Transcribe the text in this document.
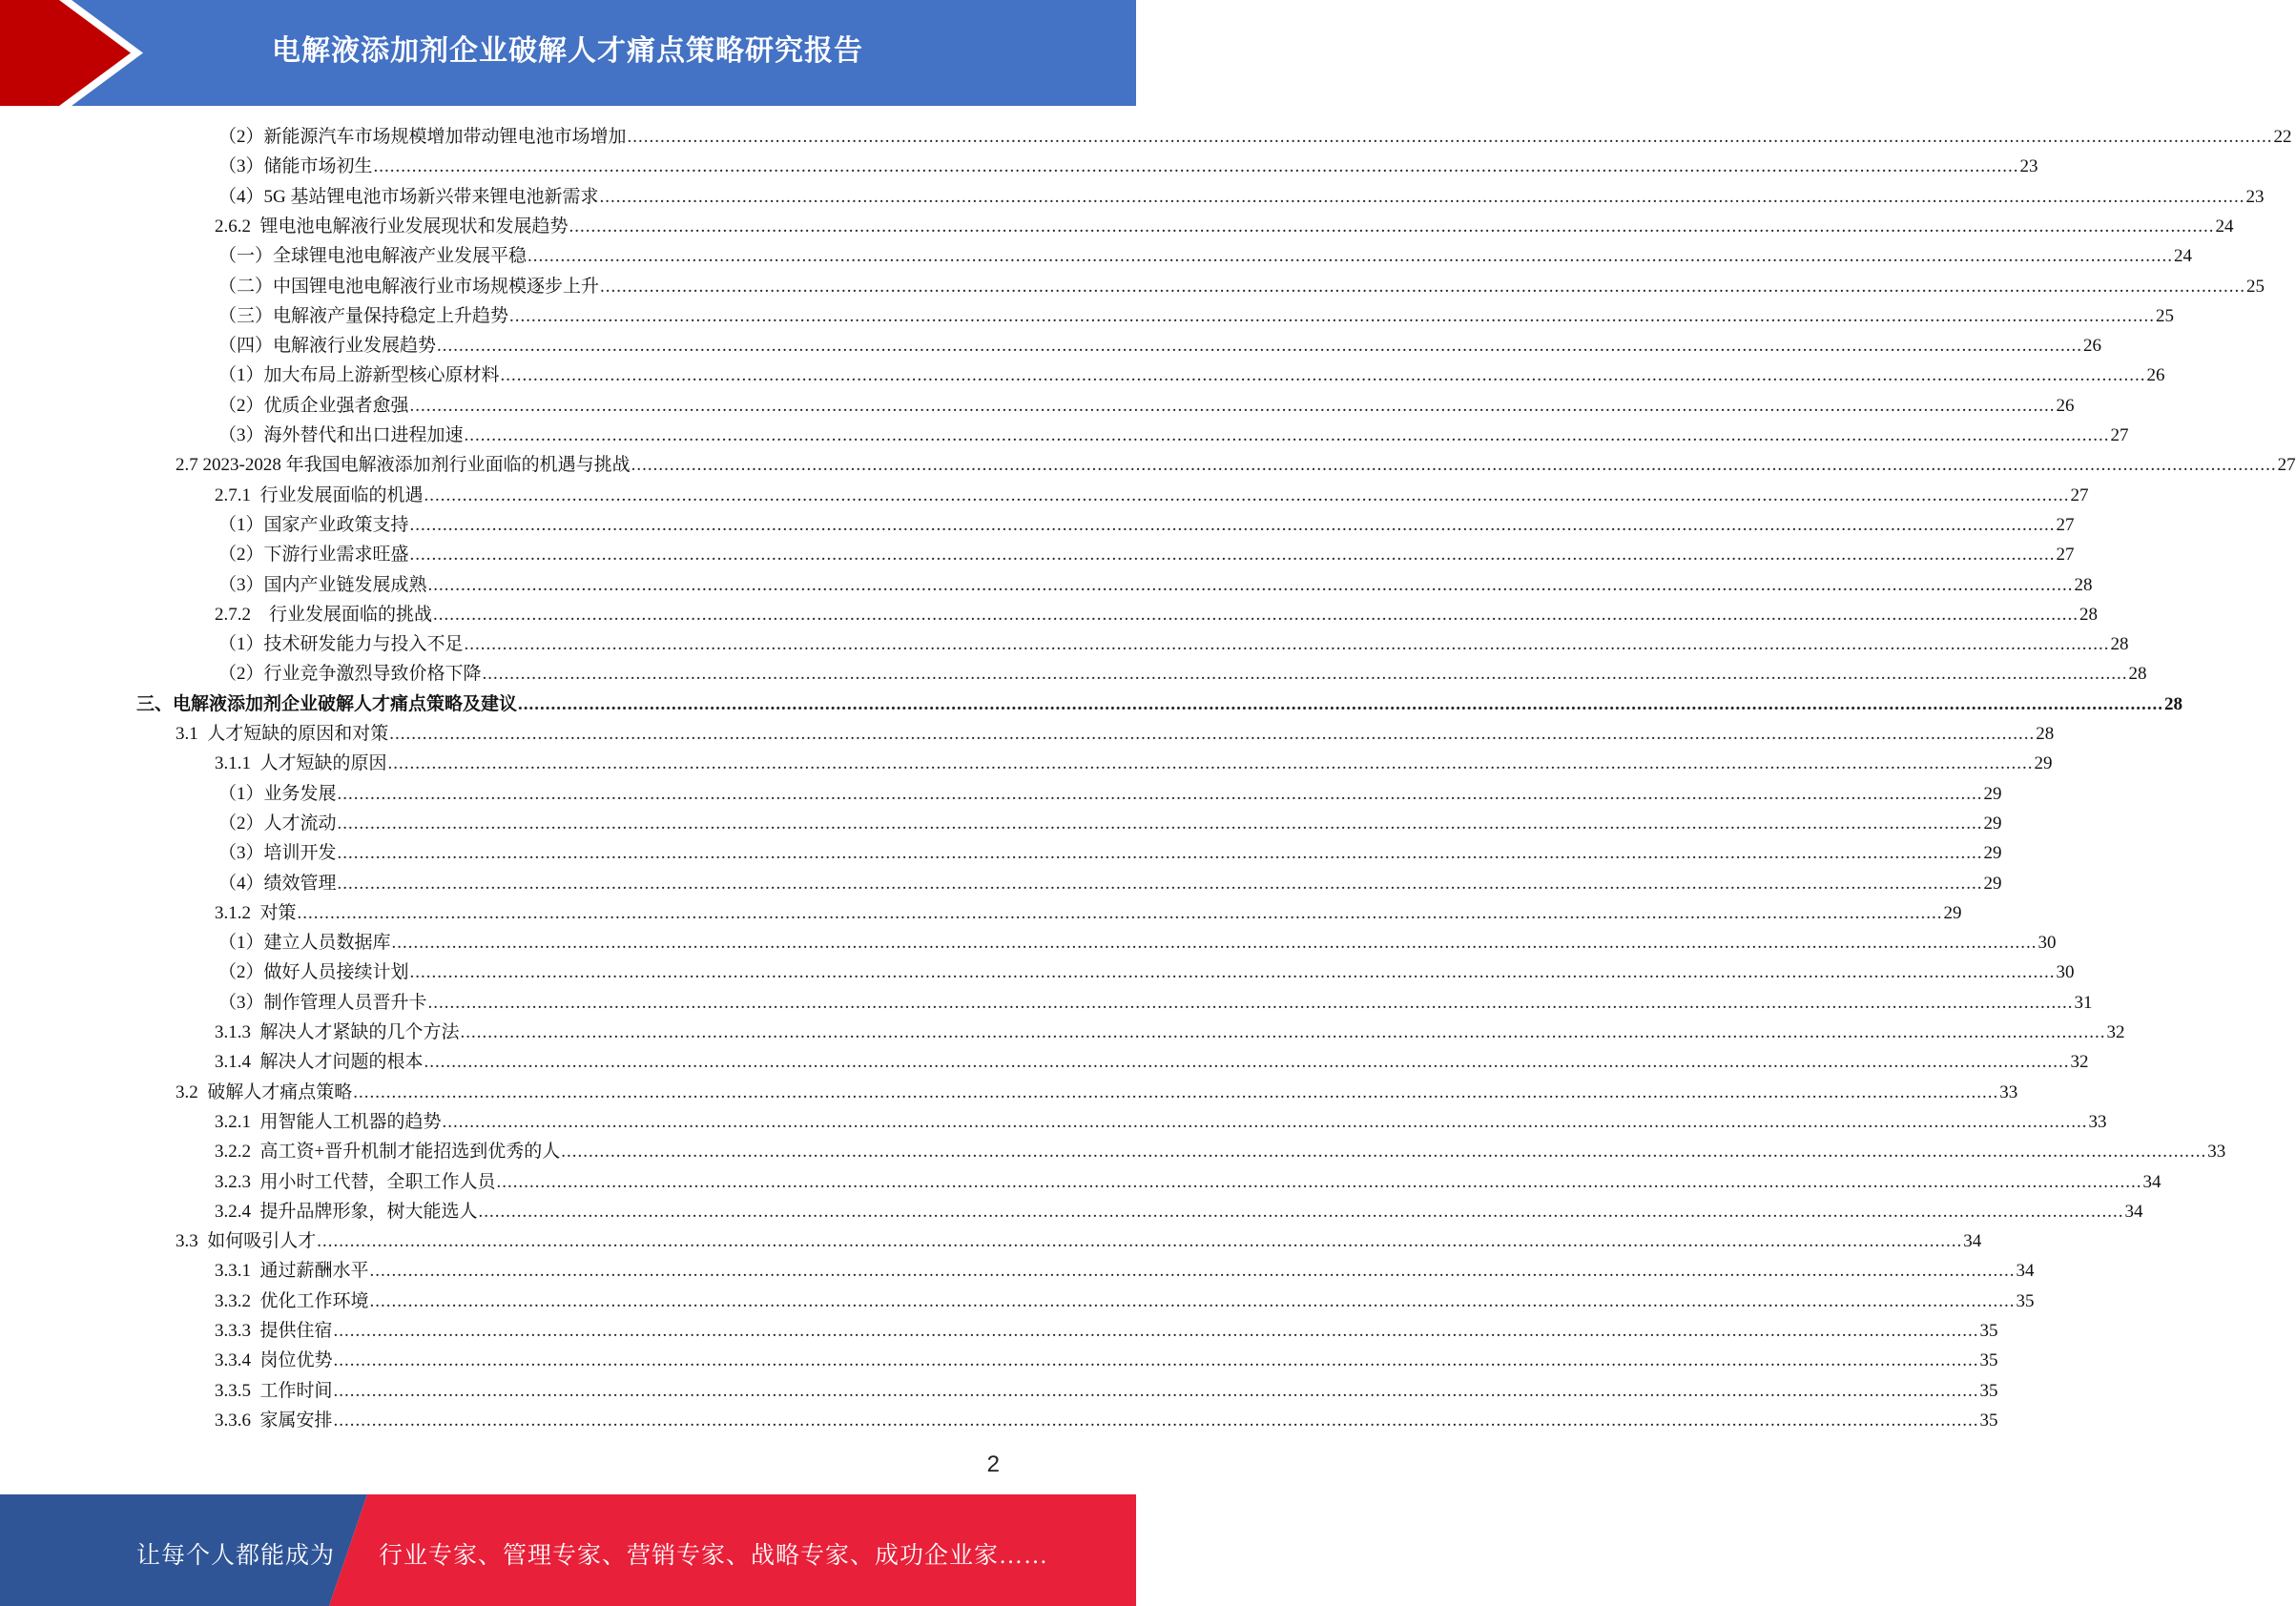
电解液添加剂企业破解人才痛点策略研究报告
（2）新能源汽车市场规模增加带动锂电池市场增加 ............................................................................................................................................................................................................................................................................................................ 22
（3）储能市场初生 ............................................................................................................................................................................................................................................................................................................ 23
（4）5G 基站锂电池市场新兴带来锂电池新需求 ............................................................................................................................................................................................................................................................................................................ 23
2.6.2  锂电池电解液行业发展现状和发展趋势 ............................................................................................................................................................................................................................................................................................................ 24
（一）全球锂电池电解液产业发展平稳 ............................................................................................................................................................................................................................................................................................................ 24
（二）中国锂电池电解液行业市场规模逐步上升 ............................................................................................................................................................................................................................................................................................................ 25
（三）电解液产量保持稳定上升趋势 ............................................................................................................................................................................................................................................................................................................ 25
（四）电解液行业发展趋势 ............................................................................................................................................................................................................................................................................................................ 26
（1）加大布局上游新型核心原材料 ............................................................................................................................................................................................................................................................................................................ 26
（2）优质企业强者愈强 ............................................................................................................................................................................................................................................................................................................ 26
（3）海外替代和出口进程加速 ............................................................................................................................................................................................................................................................................................................ 27
2.7 2023-2028 年我国电解液添加剂行业面临的机遇与挑战 ............................................................................................................................................................................................................................................................................................................ 27
2.7.1  行业发展面临的机遇 ............................................................................................................................................................................................................................................................................................................ 27
（1）国家产业政策支持 ............................................................................................................................................................................................................................................................................................................ 27
（2）下游行业需求旺盛 ............................................................................................................................................................................................................................................................................................................ 27
（3）国内产业链发展成熟 ............................................................................................................................................................................................................................................................................................................ 28
2.7.2    行业发展面临的挑战 ............................................................................................................................................................................................................................................................................................................ 28
（1）技术研发能力与投入不足 ............................................................................................................................................................................................................................................................................................................ 28
（2）行业竞争激烈导致价格下降 ............................................................................................................................................................................................................................................................................................................ 28
三、电解液添加剂企业破解人才痛点策略及建议 ............................................................................................................................................................................................................................................................................................................ 28
3.1  人才短缺的原因和对策 ............................................................................................................................................................................................................................................................................................................ 28
3.1.1  人才短缺的原因 ............................................................................................................................................................................................................................................................................................................ 29
（1）业务发展 ............................................................................................................................................................................................................................................................................................................ 29
（2）人才流动 ............................................................................................................................................................................................................................................................................................................ 29
（3）培训开发 ............................................................................................................................................................................................................................................................................................................ 29
（4）绩效管理 ............................................................................................................................................................................................................................................................................................................ 29
3.1.2  对策 ............................................................................................................................................................................................................................................................................................................ 29
（1）建立人员数据库 ............................................................................................................................................................................................................................................................................................................ 30
（2）做好人员接续计划 ............................................................................................................................................................................................................................................................................................................ 30
（3）制作管理人员晋升卡 ............................................................................................................................................................................................................................................................................................................ 31
3.1.3  解决人才紧缺的几个方法 ............................................................................................................................................................................................................................................................................................................ 32
3.1.4  解决人才问题的根本 ............................................................................................................................................................................................................................................................................................................ 32
3.2  破解人才痛点策略 ............................................................................................................................................................................................................................................................................................................ 33
3.2.1  用智能人工机器的趋势 ............................................................................................................................................................................................................................................................................................................ 33
3.2.2  高工资+晋升机制才能招选到优秀的人 ............................................................................................................................................................................................................................................................................................................ 33
3.2.3  用小时工代替，全职工作人员 ............................................................................................................................................................................................................................................................................................................ 34
3.2.4  提升品牌形象，树大能选人 ............................................................................................................................................................................................................................................................................................................ 34
3.3  如何吸引人才 ............................................................................................................................................................................................................................................................................................................ 34
3.3.1  通过薪酬水平 ............................................................................................................................................................................................................................................................................................................ 34
3.3.2  优化工作环境 ............................................................................................................................................................................................................................................................................................................ 35
3.3.3  提供住宿 ............................................................................................................................................................................................................................................................................................................ 35
3.3.4  岗位优势 ............................................................................................................................................................................................................................................................................................................ 35
3.3.5  工作时间 ............................................................................................................................................................................................................................................................................................................ 35
3.3.6  家属安排 ............................................................................................................................................................................................................................................................................................................ 35
2
让每个人都能成为 行业专家、管理专家、营销专家、战略专家、成功企业家……
